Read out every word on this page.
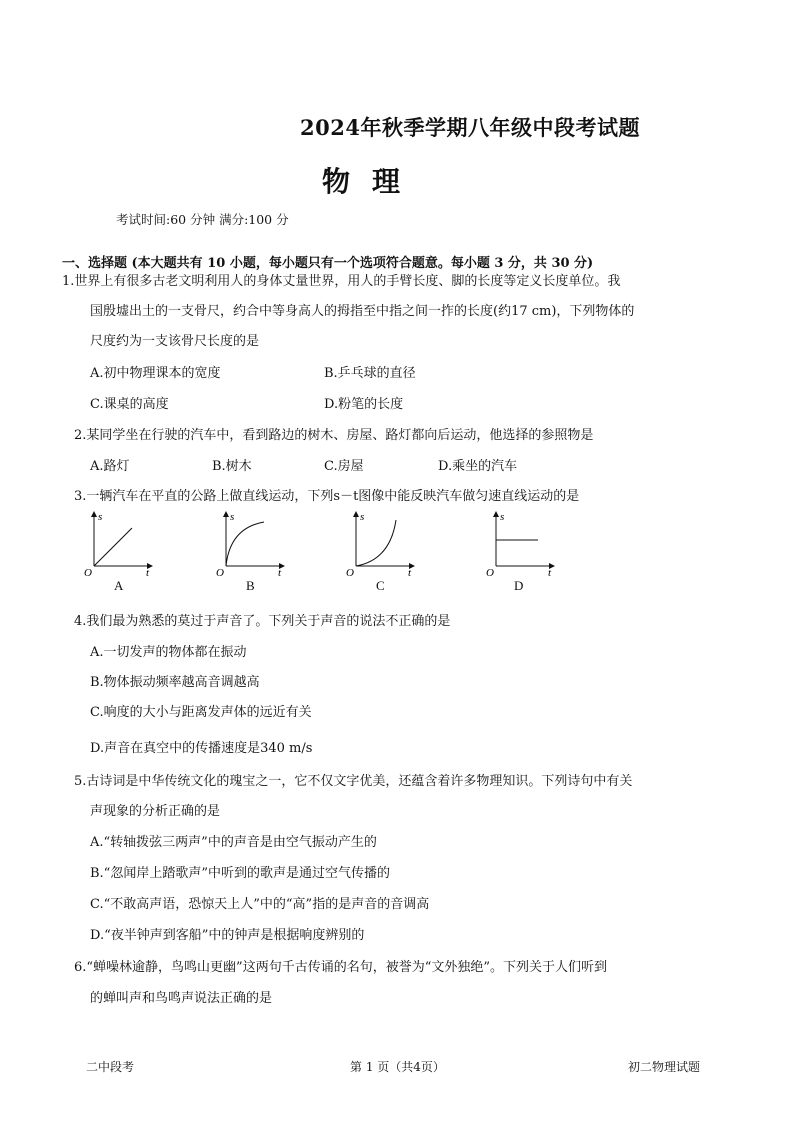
2024年秋季学期八年级中段考试题
物理
考试时间:60 分钟 满分:100 分
一、选择题 (本大题共有 10 小题，每小题只有一个选项符合题意。每小题 3 分，共 30 分)
1.世界上有很多古老文明利用人的身体丈量世界，用人的手臂长度、脚的长度等定义长度单位。我
国殷墟出土的一支骨尺，约合中等身高人的拇指至中指之间一拃的长度(约17 cm)，下列物体的
尺度约为一支该骨尺长度的是
A.初中物理课本的宽度	B.乒乓球的直径
C.课桌的高度	D.粉笔的长度
2.某同学坐在行驶的汽车中，看到路边的树木、房屋、路灯都向后运动，他选择的参照物是
A.路灯	B.树木	C.房屋	D.乘坐的汽车
3.一辆汽车在平直的公路上做直线运动，下列s－t图像中能反映汽车做匀速直线运动的是
s
t
O
A
s
t
O
B
s
t
O
C
s
t
O
D
4.我们最为熟悉的莫过于声音了。下列关于声音的说法不正确的是
A.一切发声的物体都在振动
B.物体振动频率越高音调越高
C.响度的大小与距离发声体的远近有关
D.声音在真空中的传播速度是340 m/s
5.古诗词是中华传统文化的瑰宝之一，它不仅文字优美，还蕴含着许多物理知识。下列诗句中有关
声现象的分析正确的是
A.“转轴拨弦三两声”中的声音是由空气振动产生的
B.“忽闻岸上踏歌声”中听到的歌声是通过空气传播的
C.“不敢高声语，恐惊天上人”中的“高”指的是声音的音调高
D.“夜半钟声到客船”中的钟声是根据响度辨别的
6.“蝉噪林逾静，鸟鸣山更幽”这两句千古传诵的名句，被誉为“文外独绝”。下列关于人们听到
的蝉叫声和鸟鸣声说法正确的是
二中段考	第 1 页（共4页）	初二物理试题
